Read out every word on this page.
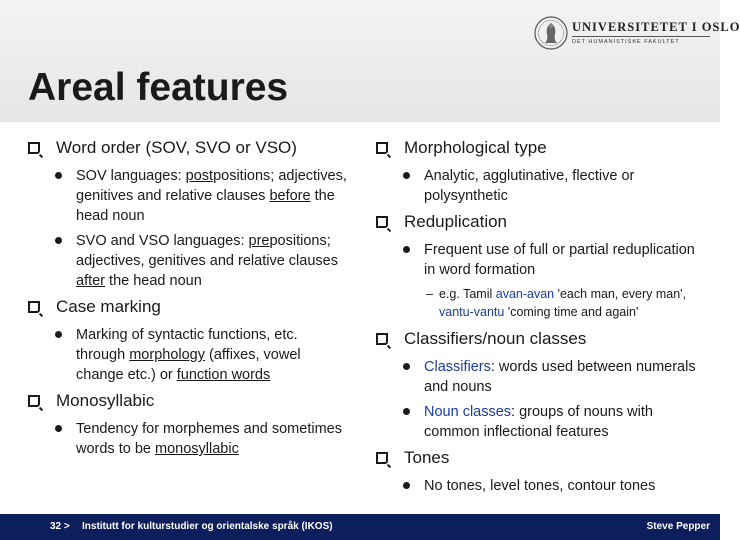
UNIVERSITETET I OSLO
DET HUMANISTISKE FAKULTET
Areal features
Word order (SOV, SVO or VSO)
SOV languages: postpositions; adjectives, genitives and relative clauses before the head noun
SVO and VSO languages: prepositions; adjectives, genitives and relative clauses after the head noun
Case marking
Marking of syntactic functions, etc. through morphology (affixes, vowel change etc.) or function words
Monosyllabic
Tendency for morphemes and sometimes words to be monosyllabic
Morphological type
Analytic, agglutinative, flective or polysynthetic
Reduplication
Frequent use of full or partial reduplication in word formation
– e.g. Tamil avan-avan 'each man, every man', vantu-vantu 'coming time and again'
Classifiers/noun classes
Classifiers: words used between numerals and nouns
Noun classes: groups of nouns with common inflectional features
Tones
No tones, level tones, contour tones
32 > Institutt for kulturstudier og orientalske språk (IKOS)	Steve Pepper
